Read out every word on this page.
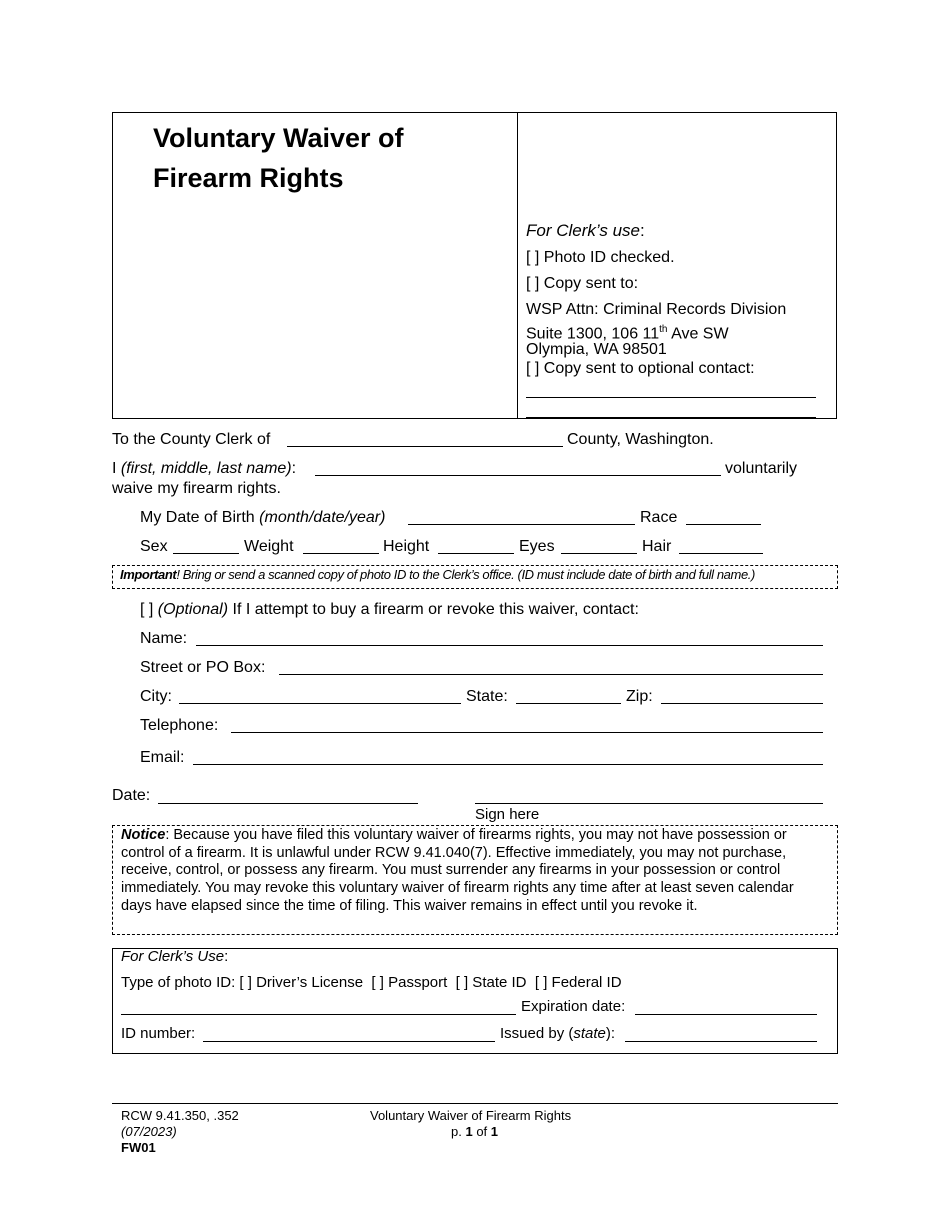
Voluntary Waiver of Firearm Rights
For Clerk’s use:
[ ] Photo ID checked.
[ ] Copy sent to:
WSP Attn: Criminal Records Division
Suite 1300, 106 11th Ave SW
Olympia, WA 98501
[ ] Copy sent to optional contact:
To the County Clerk of	County, Washington.
I (first, middle, last name):	voluntarily
waive my firearm rights.
My Date of Birth (month/date/year)	Race
Sex	Weight	Height	Eyes	Hair
Important! Bring or send a scanned copy of photo ID to the Clerk’s office. (ID must include date of birth and full name.)
[ ] (Optional) If I attempt to buy a firearm or revoke this waiver, contact:
Name:
Street or PO Box:
City:	State:	Zip:
Telephone:
Email:
Date:
Sign here
Notice: Because you have filed this voluntary waiver of firearms rights, you may not have possession or control of a firearm. It is unlawful under RCW 9.41.040(7). Effective immediately, you may not purchase, receive, control, or possess any firearm. You must surrender any firearms in your possession or control immediately. You may revoke this voluntary waiver of firearm rights any time after at least seven calendar days have elapsed since the time of filing. This waiver remains in effect until you revoke it.
For Clerk’s Use:
Type of photo ID: [ ] Driver’s License [ ] Passport [ ] State ID [ ] Federal ID
Expiration date:
ID number:	Issued by (state):
RCW 9.41.350, .352
(07/2023)
FW01
Voluntary Waiver of Firearm Rights
p. 1 of 1
